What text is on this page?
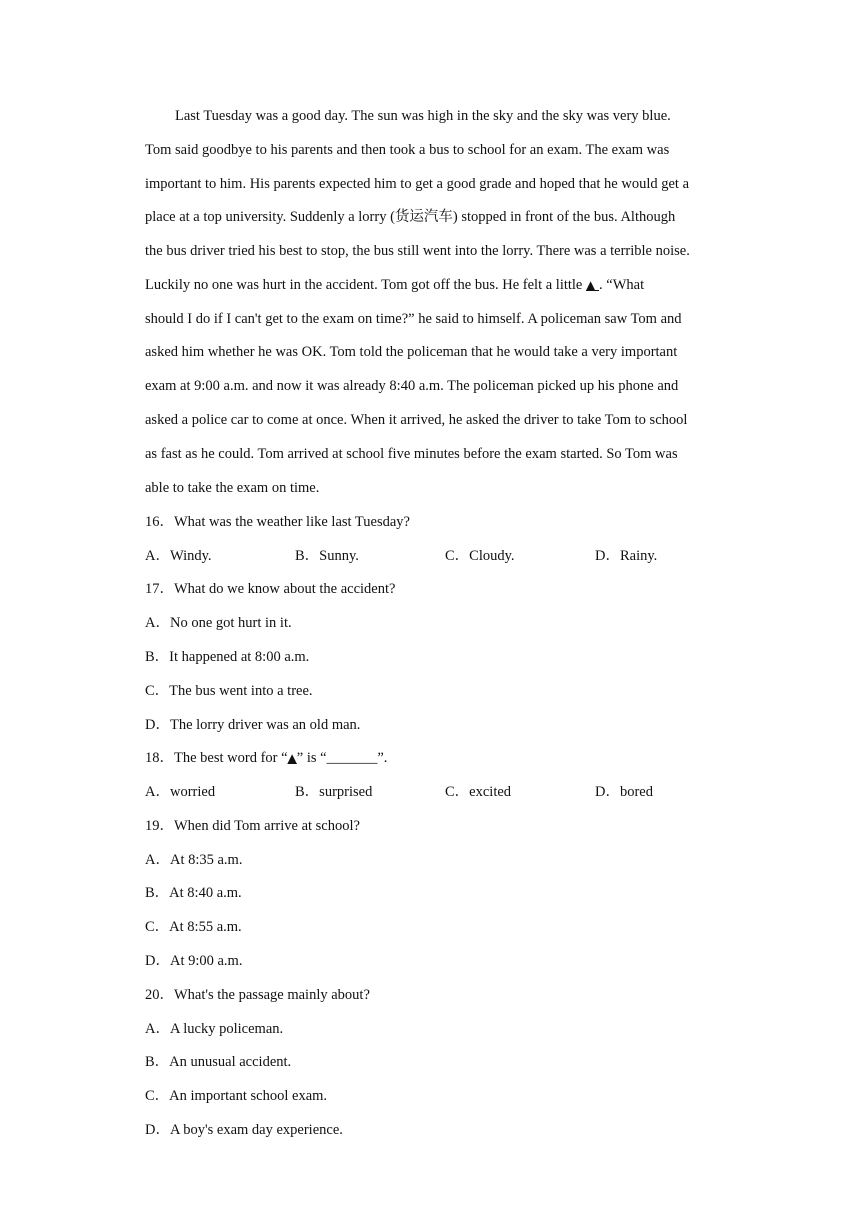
Last Tuesday was a good day. The sun was high in the sky and the sky was very blue.
Tom said goodbye to his parents and then took a bus to school for an exam. The exam was
important to him. His parents expected him to get a good grade and hoped that he would get a
place at a top university. Suddenly a lorry (货运汽车) stopped in front of the bus. Although
the bus driver tried his best to stop, the bus still went into the lorry. There was a terrible noise.
Luckily no one was hurt in the accident. Tom got off the bus. He felt a little ▲ . “What
should I do if I can't get to the exam on time?” he said to himself. A policeman saw Tom and
asked him whether he was OK. Tom told the policeman that he would take a very important
exam at 9:00 a.m. and now it was already 8:40 a.m. The policeman picked up his phone and
asked a police car to come at once. When it arrived, he asked the driver to take Tom to school
as fast as he could. Tom arrived at school five minutes before the exam started. So Tom was
able to take the exam on time.
16．What was the weather like last Tuesday?
A．Windy.	B．Sunny.	C．Cloudy.	D．Rainy.
17．What do we know about the accident?
A．No one got hurt in it.
B．It happened at 8:00 a.m.
C．The bus went into a tree.
D．The lorry driver was an old man.
18．The best word for “▲” is “_______”.
A．worried	B．surprised	C．excited	D．bored
19．When did Tom arrive at school?
A．At 8:35 a.m.
B．At 8:40 a.m.
C．At 8:55 a.m.
D．At 9:00 a.m.
20．What's the passage mainly about?
A．A lucky policeman.
B．An unusual accident.
C．An important school exam.
D．A boy's exam day experience.
